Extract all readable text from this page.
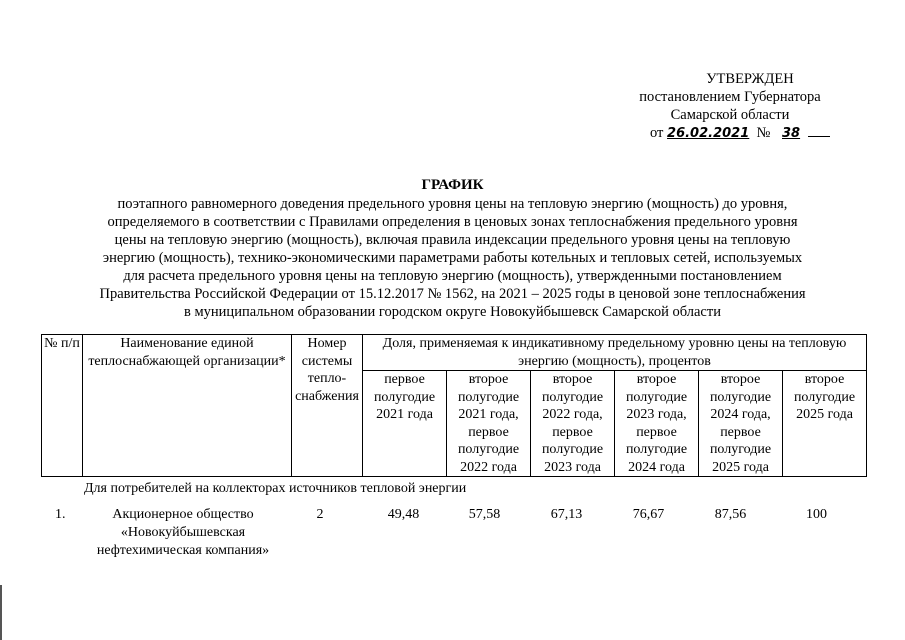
УТВЕРЖДЕН
постановлением Губернатора
Самарской области
от 26.02.2021 № 38
ГРАФИК
поэтапного равномерного доведения предельного уровня цены на тепловую энергию (мощность) до уровня,
определяемого в соответствии с Правилами определения в ценовых зонах теплоснабжения предельного уровня
цены на тепловую энергию (мощность), включая правила индексации предельного уровня цены на тепловую
энергию (мощность), технико-экономическими параметрами работы котельных и тепловых сетей, используемых
для расчета предельного уровня цены на тепловую энергию (мощность), утвержденными постановлением
Правительства Российской Федерации от 15.12.2017 № 1562, на 2021 – 2025 годы в ценовой зоне теплоснабжения
в муниципальном образовании городском округе Новокуйбышевск Самарской области
№ п/п	Наименование единой теплоснабжающей организации*	Номер системы тепло-снабжения	Доля, применяемая к индикативному предельному уровню цены на тепловую энергию (мощность), процентов					
			первое полугодие 2021 года	второе полугодие 2021 года, первое полугодие 2022 года	второе полугодие 2022 года, первое полугодие 2023 года	второе полугодие 2023 года, первое полугодие 2024 года	второе полугодие 2024 года, первое полугодие 2025 года	второе полугодие 2025 года
Для потребителей на коллекторах источников тепловой энергии
1.	Акционерное общество
«Новокуйбышевская
нефтехимическая компания»
2	49,48	57,58	67,13	76,67	87,56	100
